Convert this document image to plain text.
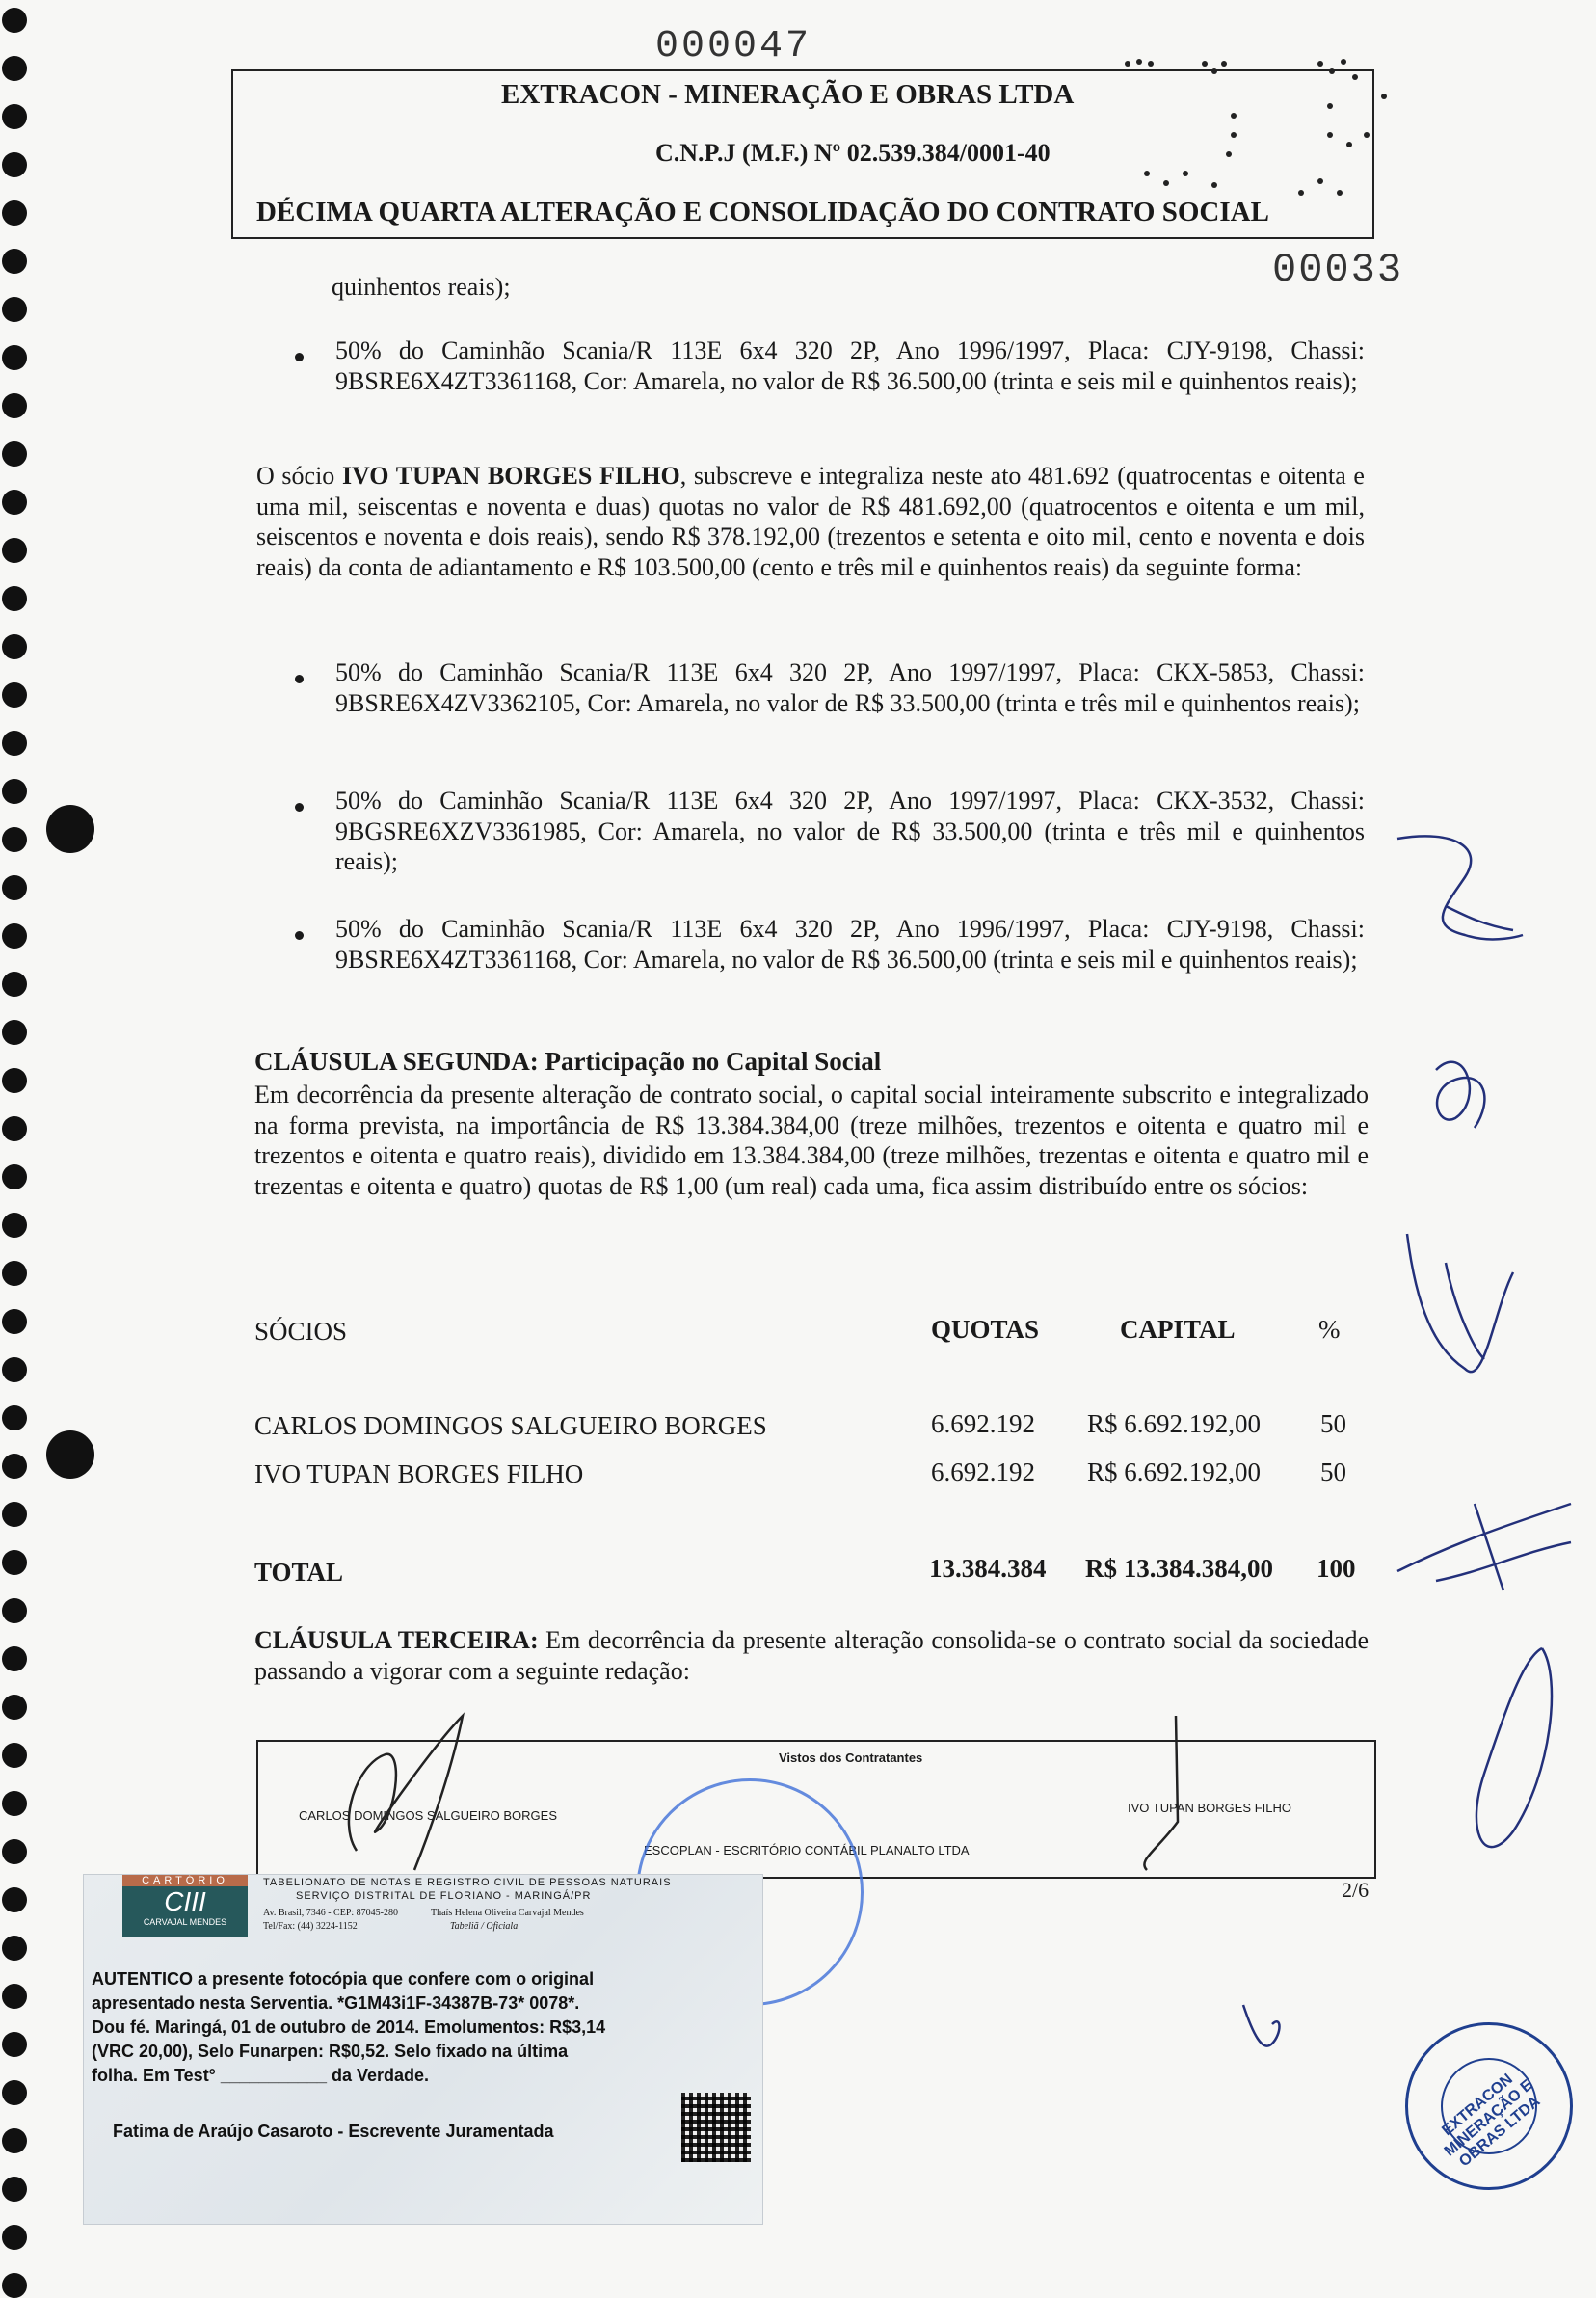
000047
EXTRACON - MINERAÇÃO E OBRAS LTDA
C.N.P.J (M.F.) Nº 02.539.384/0001-40
DÉCIMA QUARTA ALTERAÇÃO E CONSOLIDAÇÃO DO CONTRATO SOCIAL
00033
quinhentos reais);
50% do Caminhão Scania/R 113E 6x4 320 2P, Ano 1996/1997, Placa: CJY-9198, Chassi: 9BSRE6X4ZT3361168, Cor: Amarela, no valor de R$ 36.500,00 (trinta e seis mil e quinhentos reais);
O sócio IVO TUPAN BORGES FILHO, subscreve e integraliza neste ato 481.692 (quatrocentas e oitenta e uma mil, seiscentas e noventa e duas) quotas no valor de R$ 481.692,00 (quatrocentos e oitenta e um mil, seiscentos e noventa e dois reais), sendo R$ 378.192,00 (trezentos e setenta e oito mil, cento e noventa e dois reais) da conta de adiantamento e R$ 103.500,00 (cento e três mil e quinhentos reais) da seguinte forma:
50% do Caminhão Scania/R 113E 6x4 320 2P, Ano 1997/1997, Placa: CKX-5853, Chassi: 9BSRE6X4ZV3362105, Cor: Amarela, no valor de R$ 33.500,00 (trinta e três mil e quinhentos reais);
50% do Caminhão Scania/R 113E 6x4 320 2P, Ano 1997/1997, Placa: CKX-3532, Chassi: 9BGSRE6XZV3361985, Cor: Amarela, no valor de R$ 33.500,00 (trinta e três mil e quinhentos reais);
50% do Caminhão Scania/R 113E 6x4 320 2P, Ano 1996/1997, Placa: CJY-9198, Chassi: 9BSRE6X4ZT3361168, Cor: Amarela, no valor de R$ 36.500,00 (trinta e seis mil e quinhentos reais);
CLÁUSULA SEGUNDA: Participação no Capital Social
Em decorrência da presente alteração de contrato social, o capital social inteiramente subscrito e integralizado na forma prevista, na importância de R$ 13.384.384,00 (treze milhões, trezentos e oitenta e quatro mil e trezentos e oitenta e quatro reais), dividido em 13.384.384,00 (treze milhões, trezentas e oitenta e quatro mil e trezentas e oitenta e quatro) quotas de R$ 1,00 (um real) cada uma, fica assim distribuído entre os sócios:
SÓCIOS	QUOTAS	CAPITAL	%
CARLOS DOMINGOS SALGUEIRO BORGES	6.692.192 R$ 6.692.192,00 50
IVO TUPAN BORGES FILHO	6.692.192 R$ 6.692.192,00 50
TOTAL	13.384.384 R$ 13.384.384,00 100
CLÁUSULA TERCEIRA: Em decorrência da presente alteração consolida-se o contrato social da sociedade passando a vigorar com a seguinte redação:
Vistos dos Contratantes
CARLOS DOMINGOS SALGUEIRO BORGES
IVO TUPAN BORGES FILHO
ESCOPLAN - ESCRITÓRIO CONTÁBIL PLANALTO LTDA
2/6
CARTÓRIO
CIII
CARVAJAL MENDES
TABELIONATO DE NOTAS E REGISTRO CIVIL DE PESSOAS NATURAIS
SERVIÇO DISTRITAL DE FLORIANO - MARINGÁ/PR
Av. Brasil, 7346 - CEP: 87045-280
Tel/Fax: (44) 3224-1152
Thaís Helena Oliveira Carvajal Mendes
Tabeliã / Oficiala
AUTENTICO a presente fotocópia que confere com o original
apresentado nesta Serventia. *G1M43i1F-34387B-73* 0078*.
Dou fé. Maringá, 01 de outubro de 2014. Emolumentos: R$3,14
(VRC 20,00), Selo Funarpen: R$0,52. Selo fixado na última
folha. Em Test° ___________ da Verdade.
Fatima de Araújo Casaroto - Escrevente Juramentada	EXTRACON MINERAÇÃO E OBRAS LTDA
